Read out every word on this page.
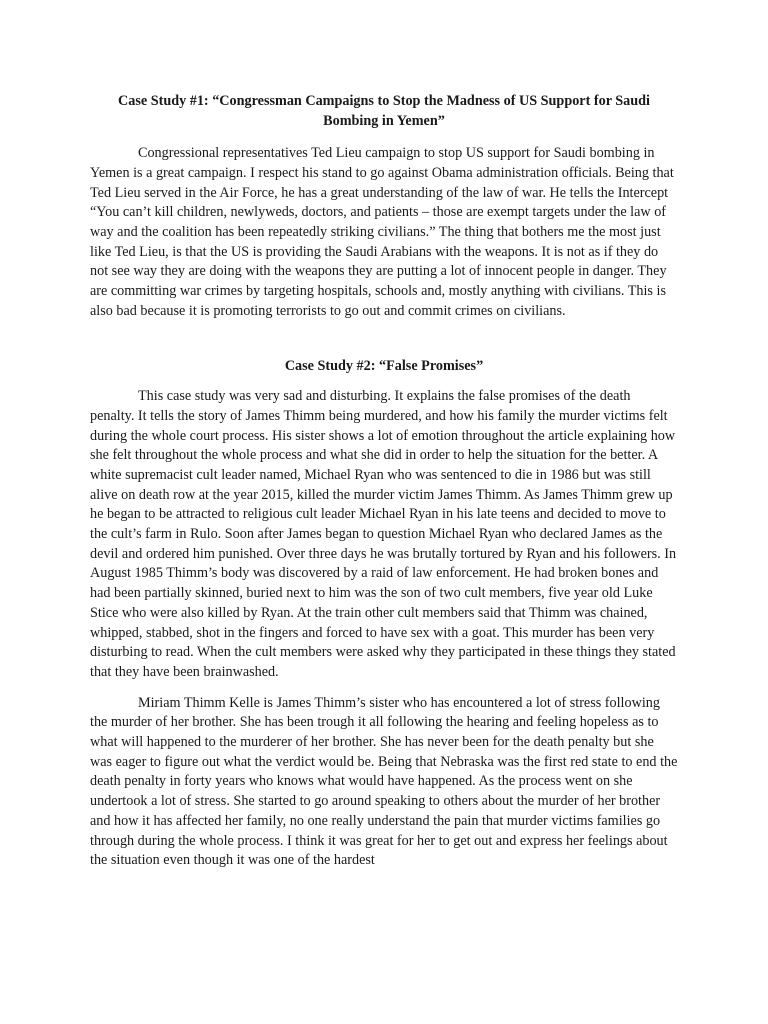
Case Study #1: “Congressman Campaigns to Stop the Madness of US Support for Saudi Bombing in Yemen”

Congressional representatives Ted Lieu campaign to stop US support for Saudi bombing in Yemen is a great campaign. I respect his stand to go against Obama administration officials. Being that Ted Lieu served in the Air Force, he has a great understanding of the law of war. He tells the Intercept “You can’t kill children, newlyweds, doctors, and patients – those are exempt targets under the law of way and the coalition has been repeatedly striking civilians.” The thing that bothers me the most just like Ted Lieu, is that the US is providing the Saudi Arabians with the weapons. It is not as if they do not see way they are doing with the weapons they are putting a lot of innocent people in danger. They are committing war crimes by targeting hospitals, schools and, mostly anything with civilians. This is also bad because it is promoting terrorists to go out and commit crimes on civilians.

Case Study #2: “False Promises”

This case study was very sad and disturbing. It explains the false promises of the death penalty. It tells the story of James Thimm being murdered, and how his family the murder victims felt during the whole court process. His sister shows a lot of emotion throughout the article explaining how she felt throughout the whole process and what she did in order to help the situation for the better. A white supremacist cult leader named, Michael Ryan who was sentenced to die in 1986 but was still alive on death row at the year 2015, killed the murder victim James Thimm. As James Thimm grew up he began to be attracted to religious cult leader Michael Ryan in his late teens and decided to move to the cult’s farm in Rulo. Soon after James began to question Michael Ryan who declared James as the devil and ordered him punished. Over three days he was brutally tortured by Ryan and his followers. In August 1985 Thimm’s body was discovered by a raid of law enforcement. He had broken bones and had been partially skinned, buried next to him was the son of two cult members, five year old Luke Stice who were also killed by Ryan. At the train other cult members said that Thimm was chained, whipped, stabbed, shot in the fingers and forced to have sex with a goat. This murder has been very disturbing to read. When the cult members were asked why they participated in these things they stated that they have been brainwashed.

Miriam Thimm Kelle is James Thimm’s sister who has encountered a lot of stress following the murder of her brother. She has been trough it all following the hearing and feeling hopeless as to what will happened to the murderer of her brother. She has never been for the death penalty but she was eager to figure out what the verdict would be. Being that Nebraska was the first red state to end the death penalty in forty years who knows what would have happened. As the process went on she undertook a lot of stress. She started to go around speaking to others about the murder of her brother and how it has affected her family, no one really understand the pain that murder victims families go through during the whole process. I think it was great for her to get out and express her feelings about the situation even though it was one of the hardest
